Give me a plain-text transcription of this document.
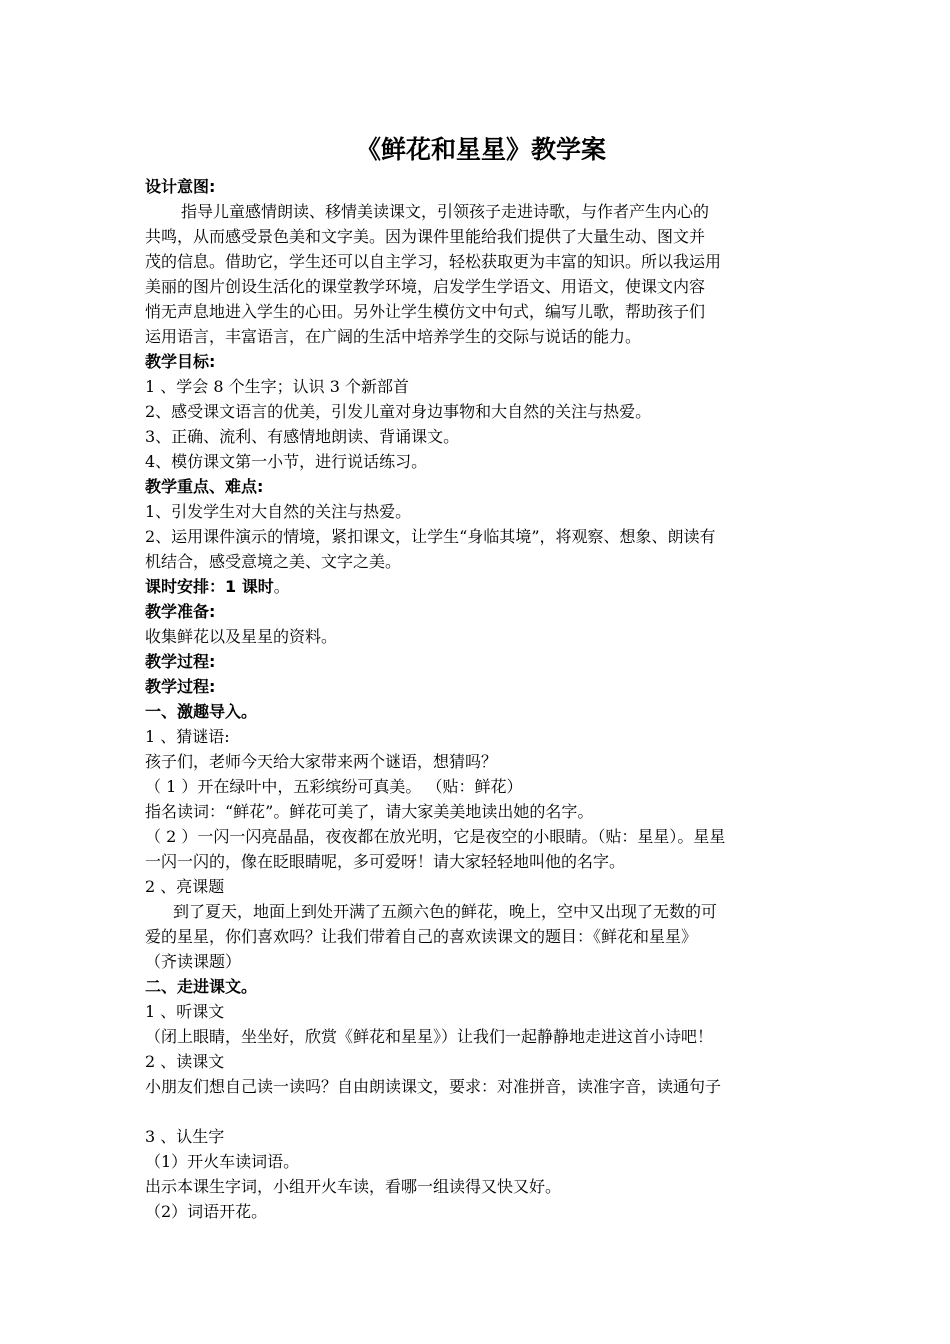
《鲜花和星星》教学案
设计意图:
指导儿童感情朗读、移情美读课文，引领孩子走进诗歌，与作者产生内心的
共鸣，从而感受景色美和文字美。因为课件里能给我们提供了大量生动、图文并
茂的信息。借助它，学生还可以自主学习，轻松获取更为丰富的知识。所以我运用
美丽的图片创设生活化的课堂教学环境，启发学生学语文、用语文，使课文内容
悄无声息地进入学生的心田。另外让学生模仿文中句式，编写儿歌，帮助孩子们
运用语言，丰富语言，在广阔的生活中培养学生的交际与说话的能力。
教学目标:
1 、学会 8 个生字；认识 3 个新部首
2、感受课文语言的优美，引发儿童对身边事物和大自然的关注与热爱。
3、正确、流利、有感情地朗读、背诵课文。
4、模仿课文第一小节，进行说话练习。
教学重点、难点:
1、引发学生对大自然的关注与热爱。
2、运用课件演示的情境，紧扣课文，让学生“身临其境”，将观察、想象、朗读有
机结合，感受意境之美、文字之美。
课时安排：1 课时。
教学准备:
收集鲜花以及星星的资料。
教学过程:
教学过程:
一、激趣导入。
1 、猜谜语:
孩子们，老师今天给大家带来两个谜语，想猜吗？
（ 1 ）开在绿叶中，五彩缤纷可真美。 （贴：鲜花）
指名读词：“鲜花”。鲜花可美了，请大家美美地读出她的名字。
（ 2 ）一闪一闪亮晶晶，夜夜都在放光明，它是夜空的小眼睛。（贴：星星）。星星
一闪一闪的，像在眨眼睛呢，多可爱呀！请大家轻轻地叫他的名字。
2 、亮课题
到了夏天，地面上到处开满了五颜六色的鲜花，晚上，空中又出现了无数的可
爱的星星，你们喜欢吗？让我们带着自己的喜欢读课文的题目：《鲜花和星星》
（齐读课题）
二、走进课文。
1 、听课文
（闭上眼睛，坐坐好，欣赏《鲜花和星星》）让我们一起静静地走进这首小诗吧！
2 、读课文
小朋友们想自己读一读吗？自由朗读课文，要求：对准拼音，读准字音，读通句子
3 、认生字
（1）开火车读词语。
出示本课生字词，小组开火车读，看哪一组读得又快又好。
（2）词语开花。
